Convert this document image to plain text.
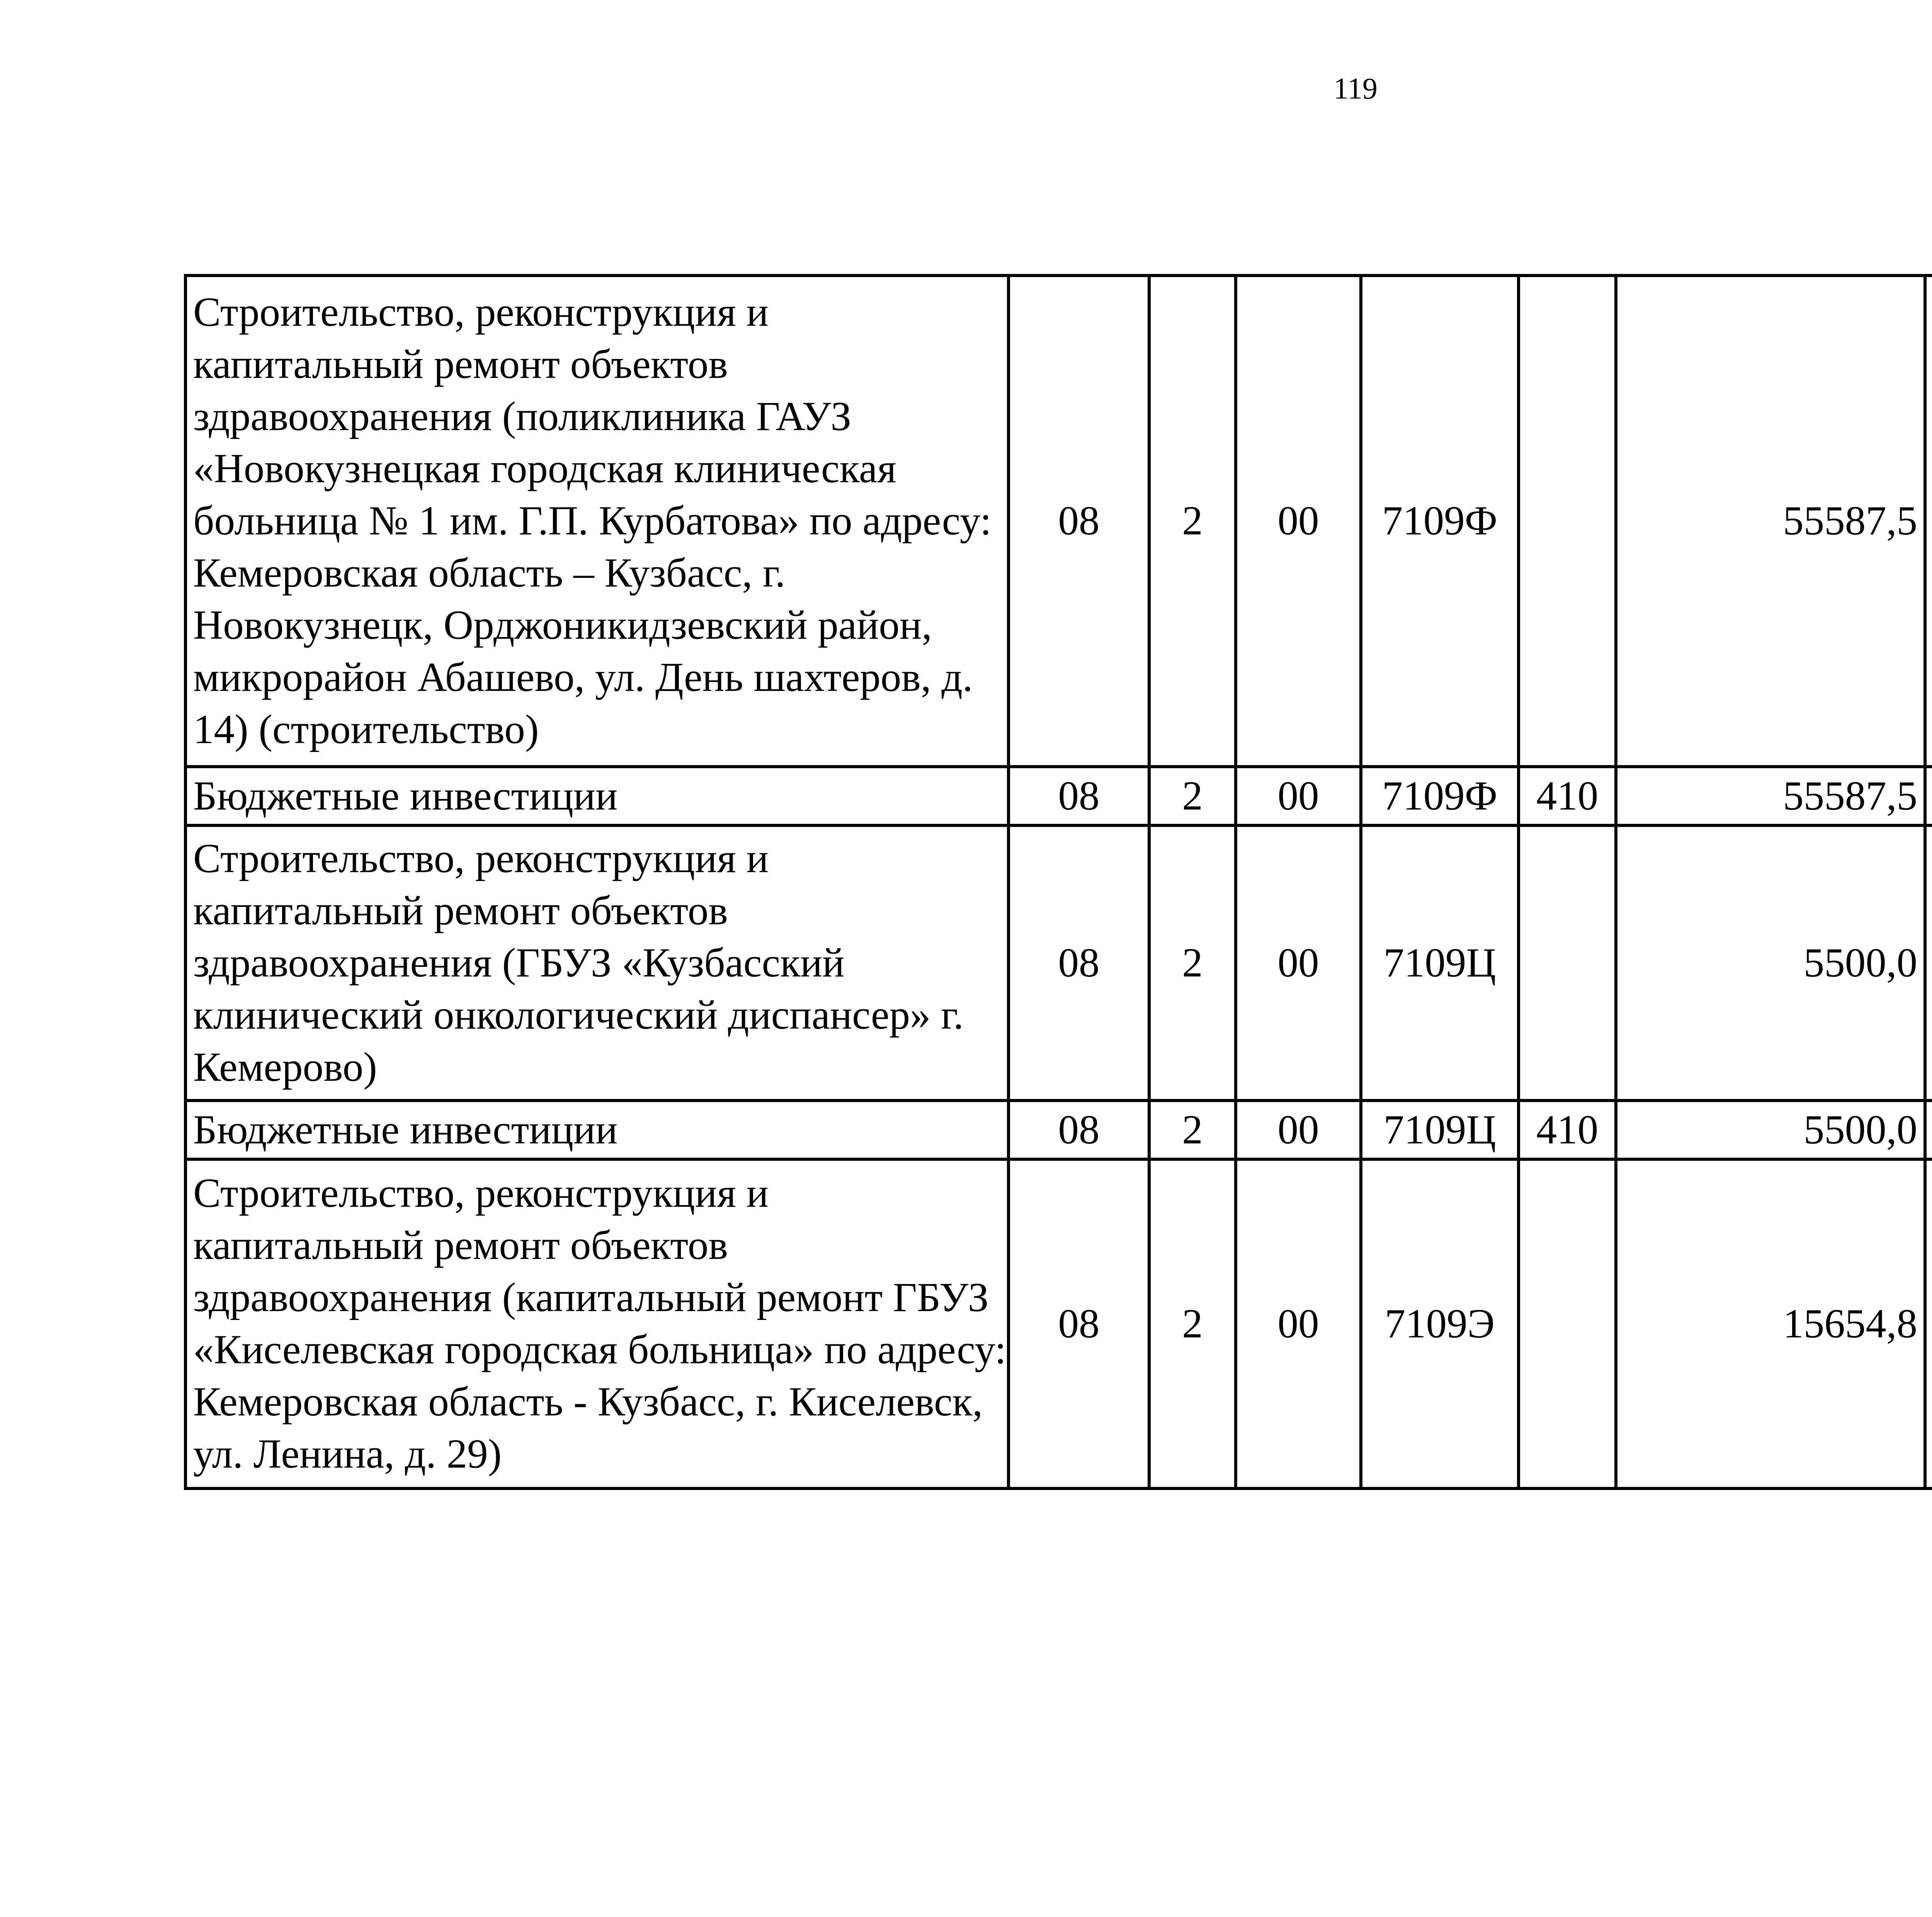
119
Строительство, реконструкция и капитальный ремонт объектов здравоохранения (поликлиника ГАУЗ «Новокузнецкая городская клиническая больница № 1 им. Г.П. Курбатова» по адресу: Кемеровская область – Кузбасс, г. Новокузнецк, Орджоникидзевский район, микрорайон Абашево, ул. День шахтеров, д. 14) (строительство)	08	2	00	7109Ф		55587,5		
Бюджетные инвестиции	08	2	00	7109Ф	410	55587,5		
Строительство, реконструкция и капитальный ремонт объектов здравоохранения (ГБУЗ «Кузбасский клинический онкологический диспансер» г. Кемерово)	08	2	00	7109Ц		5500,0		
Бюджетные инвестиции	08	2	00	7109Ц	410	5500,0		
Строительство, реконструкция и капитальный ремонт объектов здравоохранения (капитальный ремонт ГБУЗ «Киселевская городская больница» по адресу: Кемеровская область - Кузбасс, г. Киселевск, ул. Ленина, д. 29)	08	2	00	7109Э		15654,8		
